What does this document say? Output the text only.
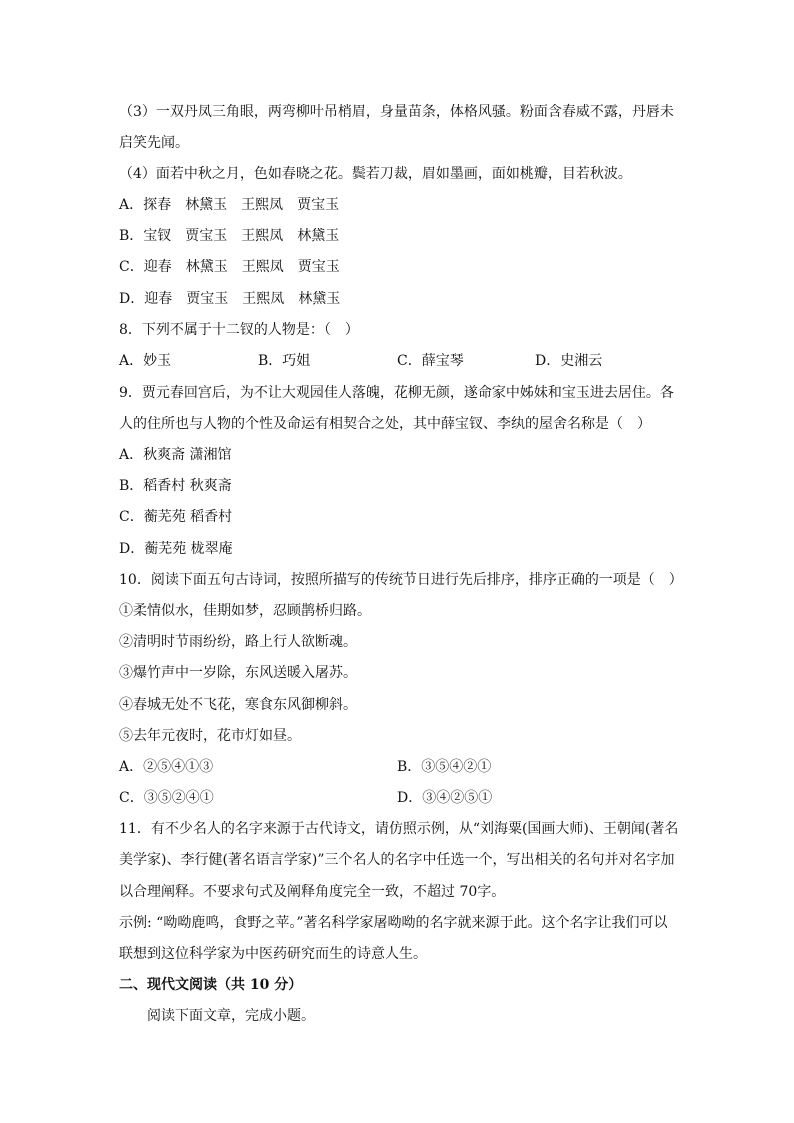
（3）一双丹凤三角眼，两弯柳叶吊梢眉，身量苗条，体格风骚。粉面含春威不露，丹唇未
启笑先闻。
（4）面若中秋之月，色如春晓之花。鬓若刀裁，眉如墨画，面如桃瓣，目若秋波。
A．探春　林黛玉　王熙凤　贾宝玉
B．宝钗　贾宝玉　王熙凤　林黛玉
C．迎春　林黛玉　王熙凤　贾宝玉
D．迎春　贾宝玉　王熙凤　林黛玉
8．下列不属于十二钗的人物是：（　）
A．妙玉	B．巧姐	C．薛宝琴	D．史湘云
9．贾元春回宫后，为不让大观园佳人落魄，花柳无颜，遂命家中姊妹和宝玉进去居住。各
人的住所也与人物的个性及命运有相契合之处，其中薛宝钗、李纨的屋舍名称是（　）
A．秋爽斋 潇湘馆
B．稻香村 秋爽斋
C．蘅芜苑 稻香村
D．蘅芜苑 栊翠庵
10．阅读下面五句古诗词，按照所描写的传统节日进行先后排序，排序正确的一项是（　）
①柔情似水，佳期如梦，忍顾鹊桥归路。
②清明时节雨纷纷，路上行人欲断魂。
③爆竹声中一岁除，东风送暖入屠苏。
④春城无处不飞花，寒食东风御柳斜。
⑤去年元夜时，花市灯如昼。
A．②⑤④①③	B．③⑤④②①
C．③⑤②④①	D．③④②⑤①
11．有不少名人的名字来源于古代诗文，请仿照示例，从“刘海粟(国画大师)、王朝闻(著名
美学家)、李行健(著名语言学家)”三个名人的名字中任选一个，写出相关的名句并对名字加
以合理阐释。不要求句式及阐释角度完全一致，不超过 70字。
示例: “呦呦鹿鸣，食野之苹。”著名科学家屠呦呦的名字就来源于此。这个名字让我们可以
联想到这位科学家为中医药研究而生的诗意人生。
二、现代文阅读（共 10 分）
阅读下面文章，完成小题。
